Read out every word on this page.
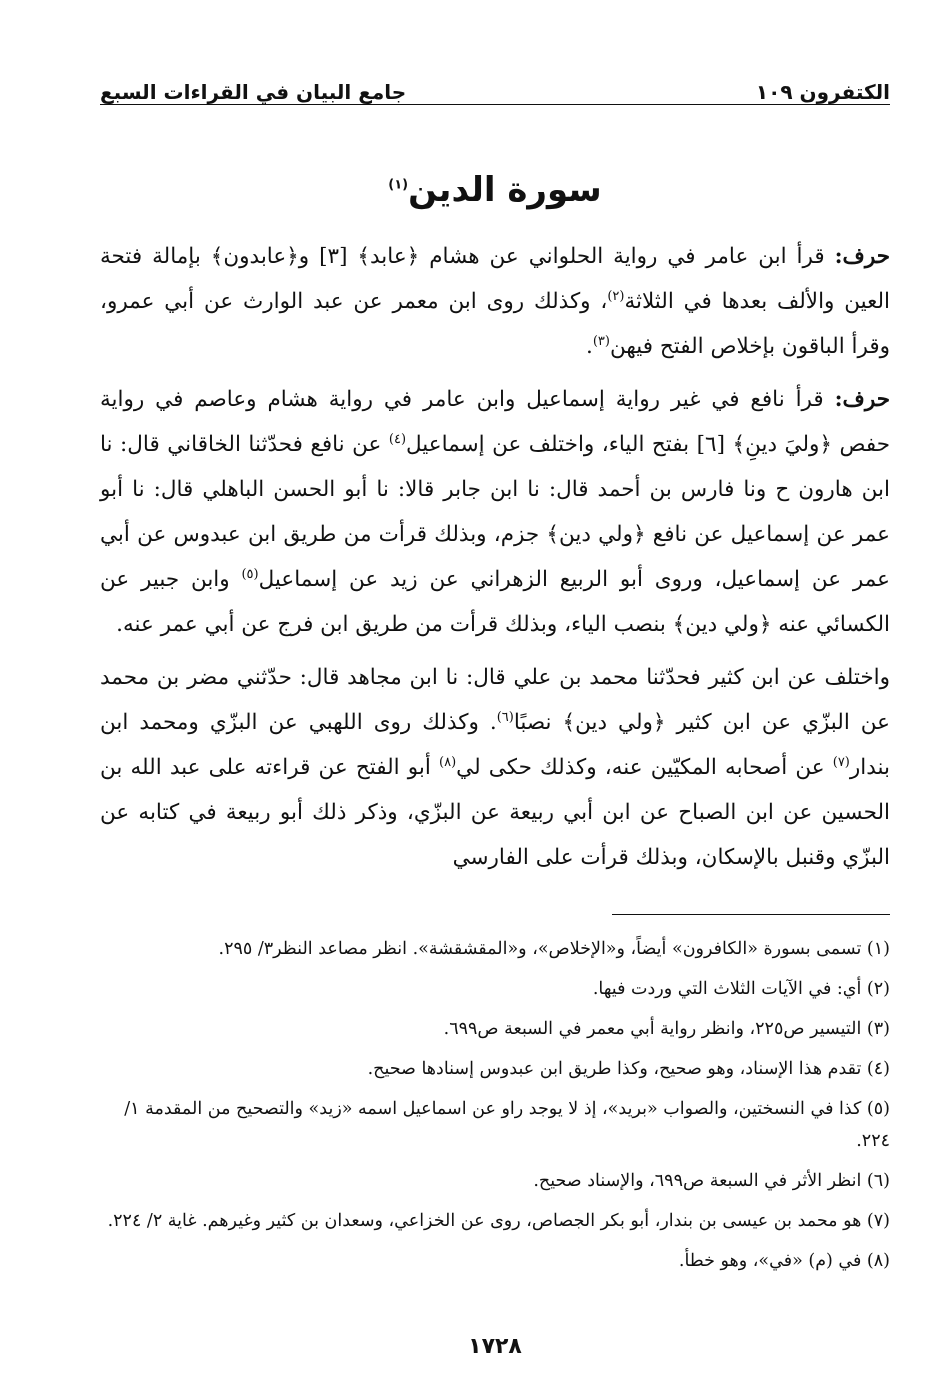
الكتفرون ١٠٩
جامع البيان في القراءات السبع
سورة الدين$^{(١)}$

حرف: قرأ ابن عامر في رواية الحلواني عن هشام ﴿عابد﴾ [٣] و﴿عابدون﴾ بإمالة فتحة العين والألف بعدها في الثلاثة$^{(٢)}$، وكذلك روى ابن معمر عن عبد الوارث عن أبي عمرو، وقرأ الباقون بإخلاص الفتح فيهن$^{(٣)}$.

حرف: قرأ نافع في غير رواية إسماعيل وابن عامر في رواية هشام وعاصم في رواية حفص ﴿وليَ دينِ﴾ [٦] بفتح الياء، واختلف عن إسماعيل$^{(٤)}$ عن نافع فحدّثنا الخاقاني قال: نا ابن هارون ح ونا فارس بن أحمد قال: نا ابن جابر قالا: نا أبو الحسن الباهلي قال: نا أبو عمر عن إسماعيل عن نافع ﴿ولي دين﴾ جزم، وبذلك قرأت من طريق ابن عبدوس عن أبي عمر عن إسماعيل، وروى أبو الربيع الزهراني عن زيد عن إسماعيل$^{(٥)}$ وابن جبير عن الكسائي عنه ﴿ولي دين﴾ بنصب الياء، وبذلك قرأت من طريق ابن فرج عن أبي عمر عنه.

واختلف عن ابن كثير فحدّثنا محمد بن علي قال: نا ابن مجاهد قال: حدّثني مضر بن محمد عن البزّي عن ابن كثير ﴿ولي دين﴾ نصبًا$^{(٦)}$. وكذلك روى اللهبي عن البزّي ومحمد ابن بندار$^{(٧)}$ عن أصحابه المكيّين عنه، وكذلك حكى لي$^{(٨)}$ أبو الفتح عن قراءته على عبد الله بن الحسين عن ابن الصباح عن ابن أبي ربيعة عن البزّي، وذكر ذلك أبو ربيعة في كتابه عن البزّي وقنبل بالإسكان، وبذلك قرأت على الفارسي

(١) تسمى بسورة «الكافرون» أيضاً، و«الإخلاص»، و«المقشقشة». انظر مصاعد النظر٣/ ٢٩٥.
(٢) أي: في الآيات الثلاث التي وردت فيها.
(٣) التيسير ص٢٢٥، وانظر رواية أبي معمر في السبعة ص٦٩٩.
(٤) تقدم هذا الإسناد، وهو صحيح، وكذا طريق ابن عبدوس إسنادها صحيح.
(٥) كذا في النسختين، والصواب «بريد»، إذ لا يوجد راو عن اسماعيل اسمه «زيد» والتصحيح من المقدمة ١/ ٢٢٤.
(٦) انظر الأثر في السبعة ص٦٩٩، والإسناد صحيح.
(٧) هو محمد بن عيسى بن بندار، أبو بكر الجصاص، روى عن الخزاعي، وسعدان بن كثير وغيرهم. غاية ٢/ ٢٢٤.
(٨) في (م) «في»، وهو خطأ.
١٧٢٨
